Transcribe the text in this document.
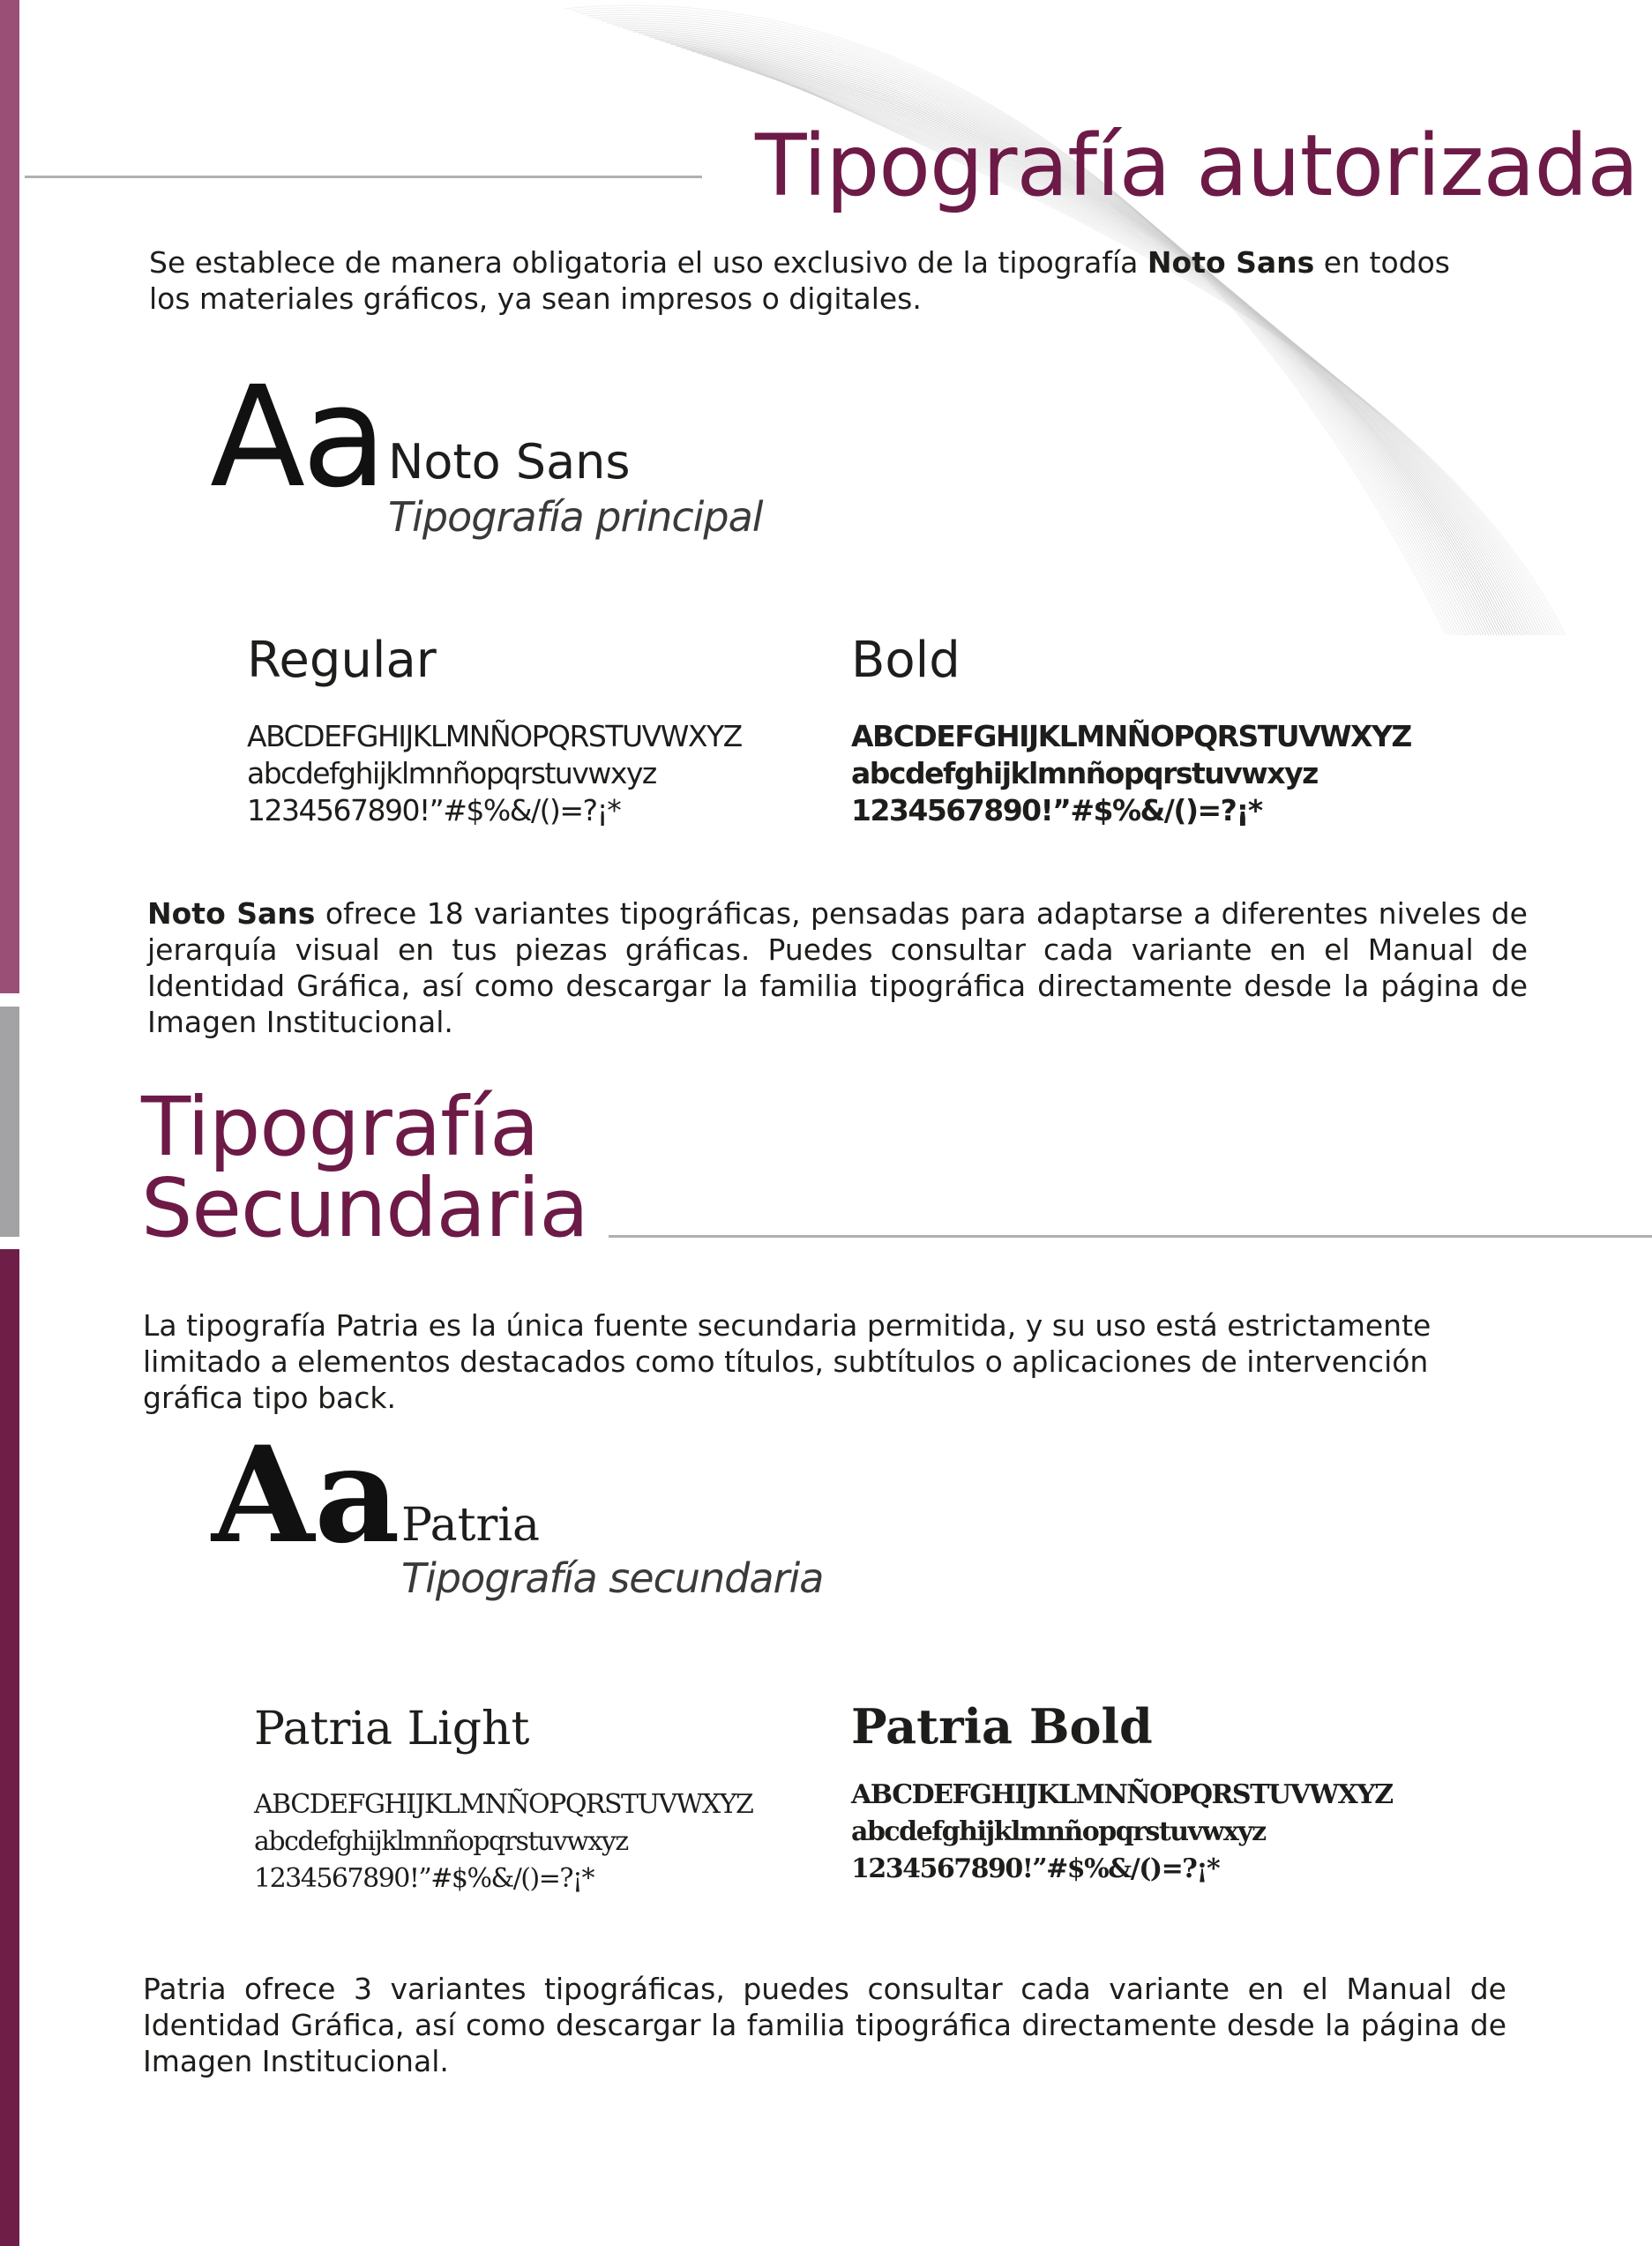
Tipografía autorizada
Se establece de manera obligatoria el uso exclusivo de la tipografía Noto Sans en todos los materiales gráficos, ya sean impresos o digitales.
Aa Noto Sans
Tipografía principal
Regular
ABCDEFGHIJKLMNÑOPQRSTUVWXYZ
abcdefghijklmnñopqrstuvwxyz
1234567890!”#$%&/()=?¡*
Bold
ABCDEFGHIJKLMNÑOPQRSTUVWXYZ
abcdefghijklmnñopqrstuvwxyz
1234567890!”#$%&/()=?¡*
Noto Sans ofrece 18 variantes tipográficas, pensadas para adaptarse a diferentes niveles de jerarquía visual en tus piezas gráficas. Puedes consultar cada variante en el Manual de Identidad Gráfica, así como descargar la familia tipográfica directamente desde la página de Imagen Institucional.
Tipografía
Secundaria
La tipografía Patria es la única fuente secundaria permitida, y su uso está estrictamente limitado a elementos destacados como títulos, subtítulos o aplicaciones de intervención gráfica tipo back.
Aa Patria
Tipografía secundaria
Patria Light
ABCDEFGHIJKLMNÑOPQRSTUVWXYZ
abcdefghijklmnñopqrstuvwxyz
1234567890!”#$%&/()=?¡*
Patria Bold
ABCDEFGHIJKLMNÑOPQRSTUVWXYZ
abcdefghijklmnñopqrstuvwxyz
1234567890!”#$%&/()=?¡*
Patria ofrece 3 variantes tipográficas, puedes consultar cada variante en el Manual de Identidad Gráfica, así como descargar la familia tipográfica directamente desde la página de Imagen Institucional.
